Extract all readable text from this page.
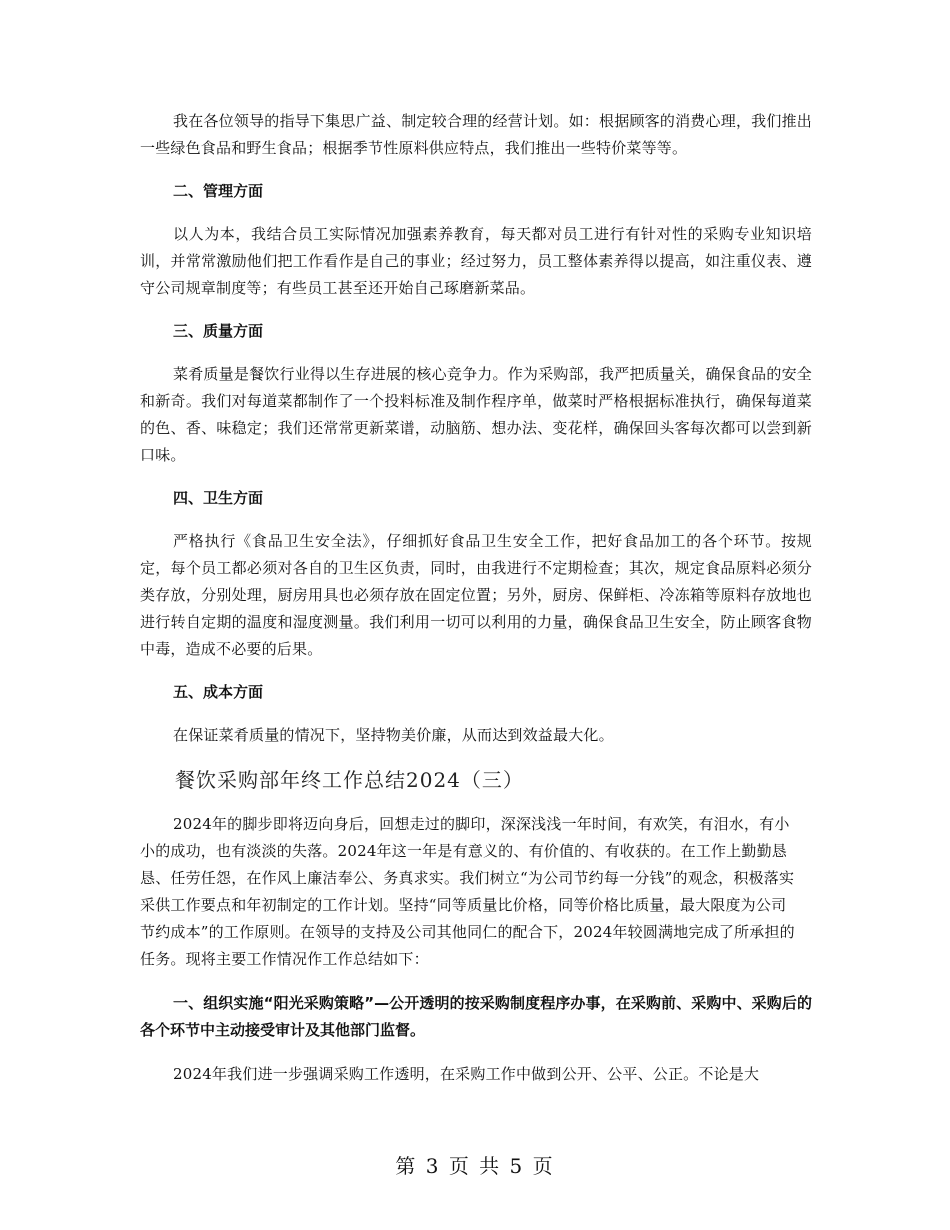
我在各位领导的指导下集思广益、制定较合理的经营计划。如：根据顾客的消费心理，我们推出一些绿色食品和野生食品；根据季节性原料供应特点，我们推出一些特价菜等等。

二、管理方面

以人为本，我结合员工实际情况加强素养教育，每天都对员工进行有针对性的采购专业知识培训，并常常激励他们把工作看作是自己的事业；经过努力，员工整体素养得以提高，如注重仪表、遵守公司规章制度等；有些员工甚至还开始自己琢磨新菜品。

三、质量方面

菜肴质量是餐饮行业得以生存进展的核心竞争力。作为采购部，我严把质量关，确保食品的安全和新奇。我们对每道菜都制作了一个投料标准及制作程序单，做菜时严格根据标准执行，确保每道菜的色、香、味稳定；我们还常常更新菜谱，动脑筋、想办法、变花样，确保回头客每次都可以尝到新口味。

四、卫生方面

严格执行《食品卫生安全法》，仔细抓好食品卫生安全工作，把好食品加工的各个环节。按规定，每个员工都必须对各自的卫生区负责，同时，由我进行不定期检查；其次，规定食品原料必须分类存放，分别处理，厨房用具也必须存放在固定位置；另外，厨房、保鲜柜、冷冻箱等原料存放地也进行转自定期的温度和湿度测量。我们利用一切可以利用的力量，确保食品卫生安全，防止顾客食物中毒，造成不必要的后果。

五、成本方面

在保证菜肴质量的情况下，坚持物美价廉，从而达到效益最大化。

餐饮采购部年终工作总结2024（三）

2024年的脚步即将迈向身后，回想走过的脚印，深深浅浅一年时间，有欢笑，有泪水，有小小的成功，也有淡淡的失落。2024年这一年是有意义的、有价值的、有收获的。在工作上勤勤恳恳、任劳任怨，在作风上廉洁奉公、务真求实。我们树立“为公司节约每一分钱”的观念，积极落实采供工作要点和年初制定的工作计划。坚持“同等质量比价格，同等价格比质量，最大限度为公司节约成本”的工作原则。在领导的支持及公司其他同仁的配合下，2024年较圆满地完成了所承担的任务。现将主要工作情况作工作总结如下：

一、组织实施“阳光采购策略”—公开透明的按采购制度程序办事，在采购前、采购中、采购后的各个环节中主动接受审计及其他部门监督。

2024年我们进一步强调采购工作透明，在采购工作中做到公开、公平、公正。不论是大

第 3 页 共 5 页
